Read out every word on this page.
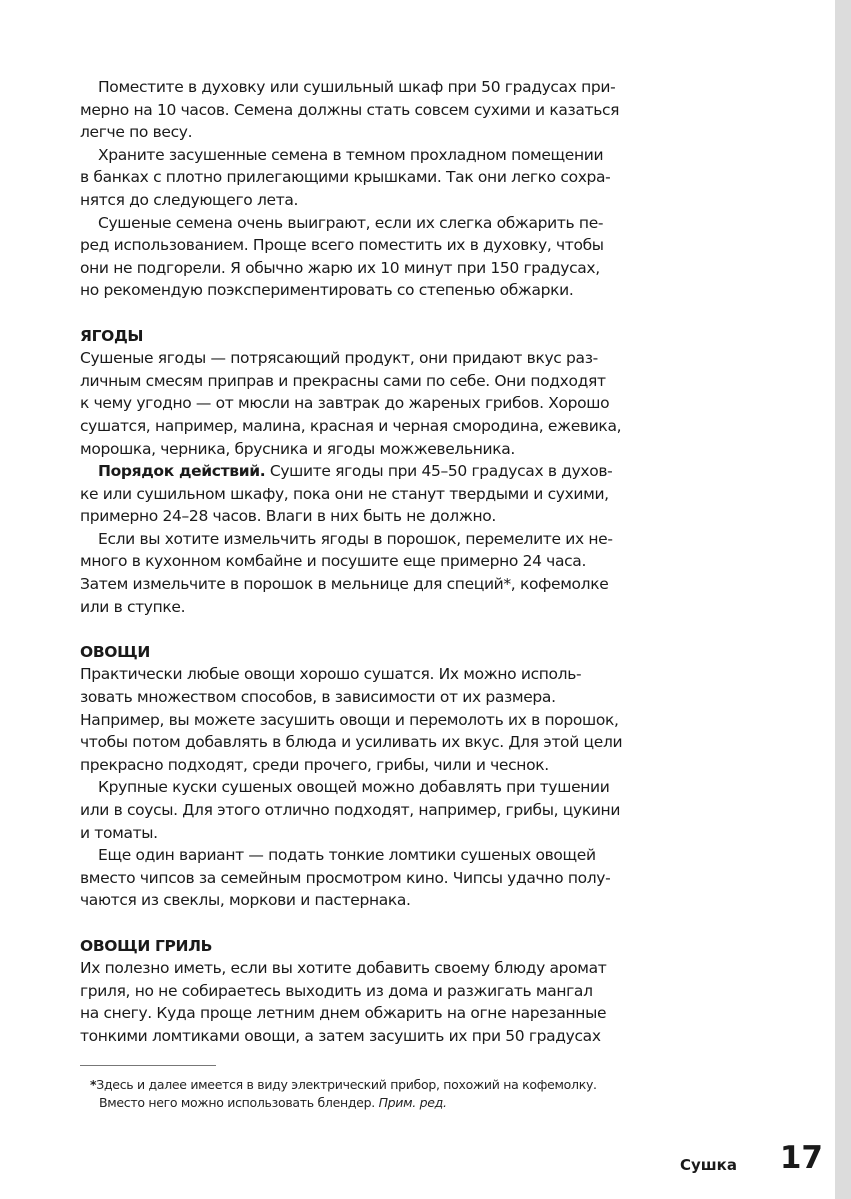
Поместите в духовку или сушильный шкаф при 50 градусах при-
мерно на 10 часов. Семена должны стать совсем сухими и казаться
легче по весу.
Храните засушенные семена в темном прохладном помещении
в банках с плотно прилегающими крышками. Так они легко сохра-
нятся до следующего лета.
Сушеные семена очень выиграют, если их слегка обжарить пе-
ред использованием. Проще всего поместить их в духовку, чтобы
они не подгорели. Я обычно жарю их 10 минут при 150 градусах,
но рекомендую поэкспериментировать со степенью обжарки.
ЯГОДЫ
Сушеные ягоды — потрясающий продукт, они придают вкус раз-
личным смесям приправ и прекрасны сами по себе. Они подходят
к чему угодно — от мюсли на завтрак до жареных грибов. Хорошо
сушатся, например, малина, красная и черная смородина, ежевика,
морошка, черника, брусника и ягоды можжевельника.
Порядок действий. Сушите ягоды при 45–50 градусах в духов-
ке или сушильном шкафу, пока они не станут твердыми и сухими,
примерно 24–28 часов. Влаги в них быть не должно.
Если вы хотите измельчить ягоды в порошок, перемелите их не-
много в кухонном комбайне и посушите еще примерно 24 часа.
Затем измельчите в порошок в мельнице для специй*, кофемолке
или в ступке.
ОВОЩИ
Практически любые овощи хорошо сушатся. Их можно исполь-
зовать множеством способов, в зависимости от их размера.
Например, вы можете засушить овощи и перемолоть их в порошок,
чтобы потом добавлять в блюда и усиливать их вкус. Для этой цели
прекрасно подходят, среди прочего, грибы, чили и чеснок.
Крупные куски сушеных овощей можно добавлять при тушении
или в соусы. Для этого отлично подходят, например, грибы, цукини
и томаты.
Еще один вариант — подать тонкие ломтики сушеных овощей
вместо чипсов за семейным просмотром кино. Чипсы удачно полу-
чаются из свеклы, моркови и пастернака.
ОВОЩИ ГРИЛЬ
Их полезно иметь, если вы хотите добавить своему блюду аромат
гриля, но не собираетесь выходить из дома и разжигать мангал
на снегу. Куда проще летним днем обжарить на огне нарезанные
тонкими ломтиками овощи, а затем засушить их при 50 градусах
*Здесь и далее имеется в виду электрический прибор, похожий на кофемолку.
Вместо него можно использовать блендер. Прим. ред.
Сушка 17
